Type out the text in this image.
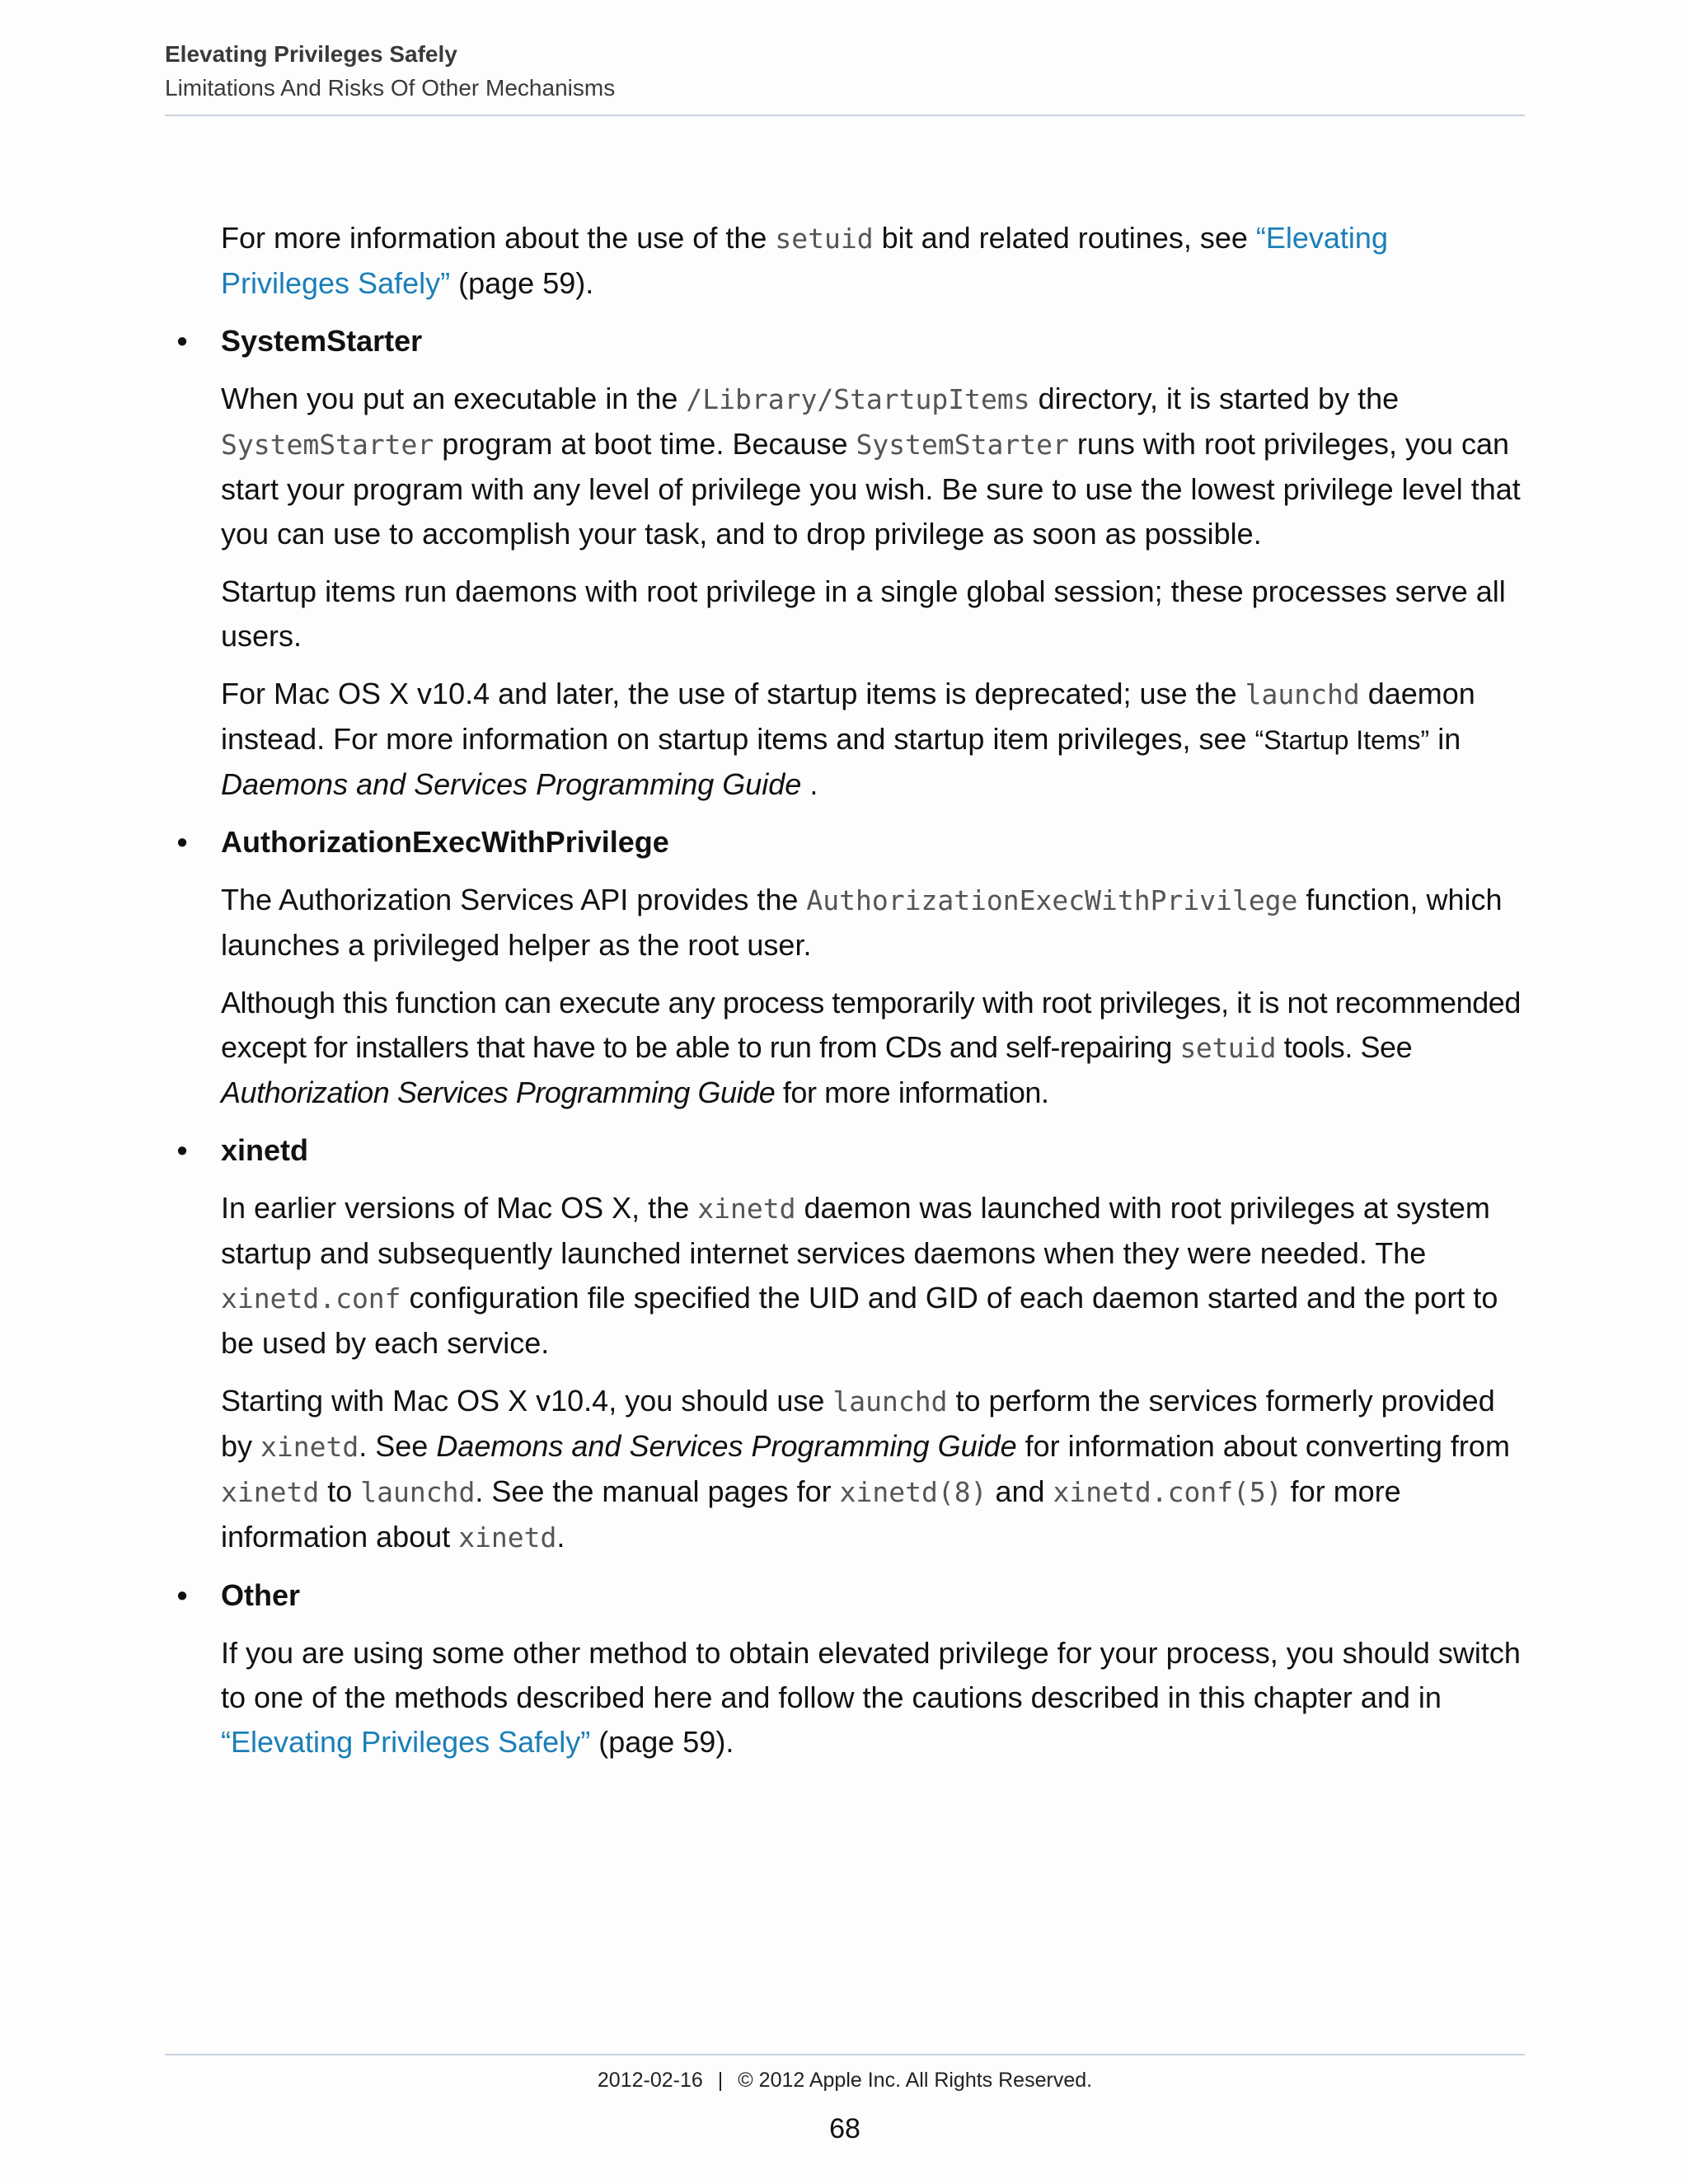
Elevating Privileges Safely
Limitations And Risks Of Other Mechanisms

For more information about the use of the setuid bit and related routines, see “Elevating Privileges Safely” (page 59).

• SystemStarter

When you put an executable in the /Library/StartupItems directory, it is started by the SystemStarter program at boot time. Because SystemStarter runs with root privileges, you can start your program with any level of privilege you wish. Be sure to use the lowest privilege level that you can use to accomplish your task, and to drop privilege as soon as possible.

Startup items run daemons with root privilege in a single global session; these processes serve all users.

For Mac OS X v10.4 and later, the use of startup items is deprecated; use the launchd daemon instead. For more information on startup items and startup item privileges, see “Startup Items” in Daemons and Services Programming Guide .

• AuthorizationExecWithPrivilege

The Authorization Services API provides the AuthorizationExecWithPrivilege function, which launches a privileged helper as the root user.

Although this function can execute any process temporarily with root privileges, it is not recommended except for installers that have to be able to run from CDs and self-repairing setuid tools. See Authorization Services Programming Guide for more information.

• xinetd

In earlier versions of Mac OS X, the xinetd daemon was launched with root privileges at system startup and subsequently launched internet services daemons when they were needed. The xinetd.conf configuration file specified the UID and GID of each daemon started and the port to be used by each service.

Starting with Mac OS X v10.4, you should use launchd to perform the services formerly provided by xinetd. See Daemons and Services Programming Guide for information about converting from xinetd to launchd. See the manual pages for xinetd(8) and xinetd.conf(5) for more information about xinetd.

• Other

If you are using some other method to obtain elevated privilege for your process, you should switch to one of the methods described here and follow the cautions described in this chapter and in “Elevating Privileges Safely” (page 59).

2012-02-16 | © 2012 Apple Inc. All Rights Reserved.
68
